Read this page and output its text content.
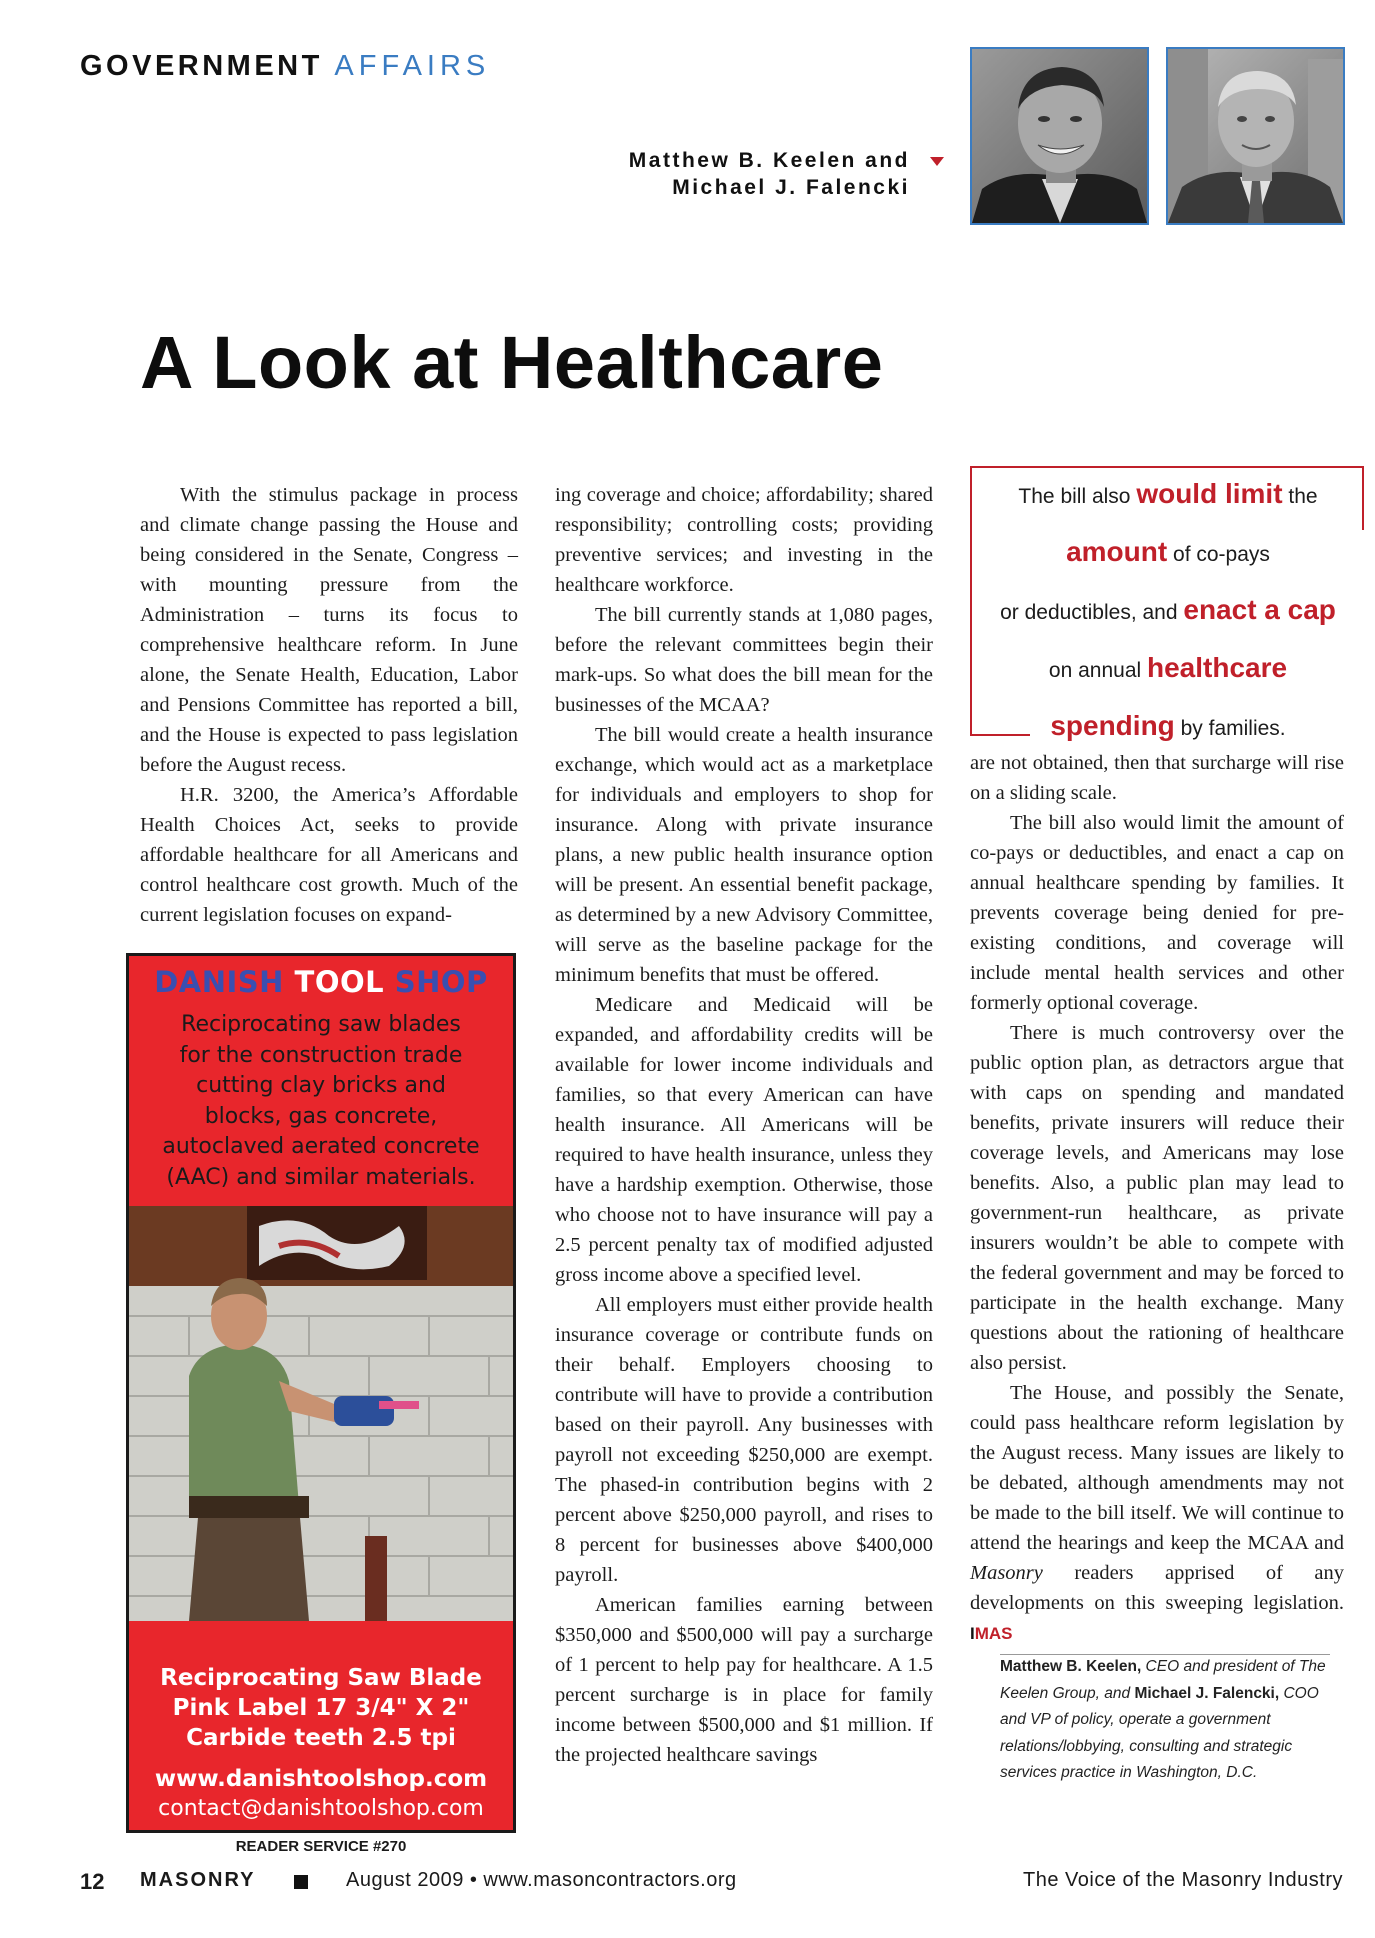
GOVERNMENT AFFAIRS
Matthew B. Keelen and
Michael J. Falencki
A Look at Healthcare

With the stimulus package in process and climate change passing the House and being considered in the Senate, Congress – with mounting pressure from the Administration – turns its focus to comprehensive healthcare reform. In June alone, the Senate Health, Education, Labor and Pensions Committee has reported a bill, and the House is expected to pass legislation before the August recess.

H.R. 3200, the America’s Affordable Health Choices Act, seeks to provide affordable healthcare for all Americans and control healthcare cost growth. Much of the current legislation focuses on expand-

DANISH TOOL SHOP
Reciprocating saw blades
for the construction trade
cutting clay bricks and
blocks, gas concrete,
autoclaved aerated concrete
(AAC) and similar materials.
Reciprocating Saw Blade
Pink Label 17 3/4" X 2"
Carbide teeth 2.5 tpi
www.danishtoolshop.com
contact@danishtoolshop.com
READER SERVICE #270

ing coverage and choice; affordability; shared responsibility; controlling costs; providing preventive services; and investing in the healthcare workforce.

The bill currently stands at 1,080 pages, before the relevant committees begin their mark-ups. So what does the bill mean for the businesses of the MCAA?

The bill would create a health insurance exchange, which would act as a marketplace for individuals and employers to shop for insurance. Along with private insurance plans, a new public health insurance option will be present. An essential benefit package, as determined by a new Advisory Committee, will serve as the baseline package for the minimum benefits that must be offered.

Medicare and Medicaid will be expanded, and affordability credits will be available for lower income individuals and families, so that every American can have health insurance. All Americans will be required to have health insurance, unless they have a hardship exemption. Otherwise, those who choose not to have insurance will pay a 2.5 percent penalty tax of modified adjusted gross income above a specified level.

All employers must either provide health insurance coverage or contribute funds on their behalf. Employers choosing to contribute will have to provide a contribution based on their payroll. Any businesses with payroll not exceeding $250,000 are exempt. The phased-in contribution begins with 2 percent above $250,000 payroll, and rises to 8 percent for businesses above $400,000 payroll.

American families earning between $350,000 and $500,000 will pay a surcharge of 1 percent to help pay for healthcare. A 1.5 percent surcharge is in place for family income between $500,000 and $1 million. If the projected healthcare savings

The bill also would limit the
amount of co-pays
or deductibles, and enact a cap
on annual healthcare
spending by families.

are not obtained, then that surcharge will rise on a sliding scale.

The bill also would limit the amount of co-pays or deductibles, and enact a cap on annual healthcare spending by families. It prevents coverage being denied for pre-existing conditions, and coverage will include mental health services and other formerly optional coverage.

There is much controversy over the public option plan, as detractors argue that with caps on spending and mandated benefits, private insurers will reduce their coverage levels, and Americans may lose benefits. Also, a public plan may lead to government-run healthcare, as private insurers wouldn’t be able to compete with the federal government and may be forced to participate in the health exchange. Many questions about the rationing of healthcare also persist.

The House, and possibly the Senate, could pass healthcare reform legislation by the August recess. Many issues are likely to be debated, although amendments may not be made to the bill itself. We will continue to attend the hearings and keep the MCAA and Masonry readers apprised of any developments on this sweeping legislation. IMAS

Matthew B. Keelen, CEO and president of The Keelen Group, and Michael J. Falencki, COO and VP of policy, operate a government relations/lobbying, consulting and strategic services practice in Washington, D.C.
12 MASONRY	August 2009 • www.masoncontractors.org	The Voice of the Masonry Industry
